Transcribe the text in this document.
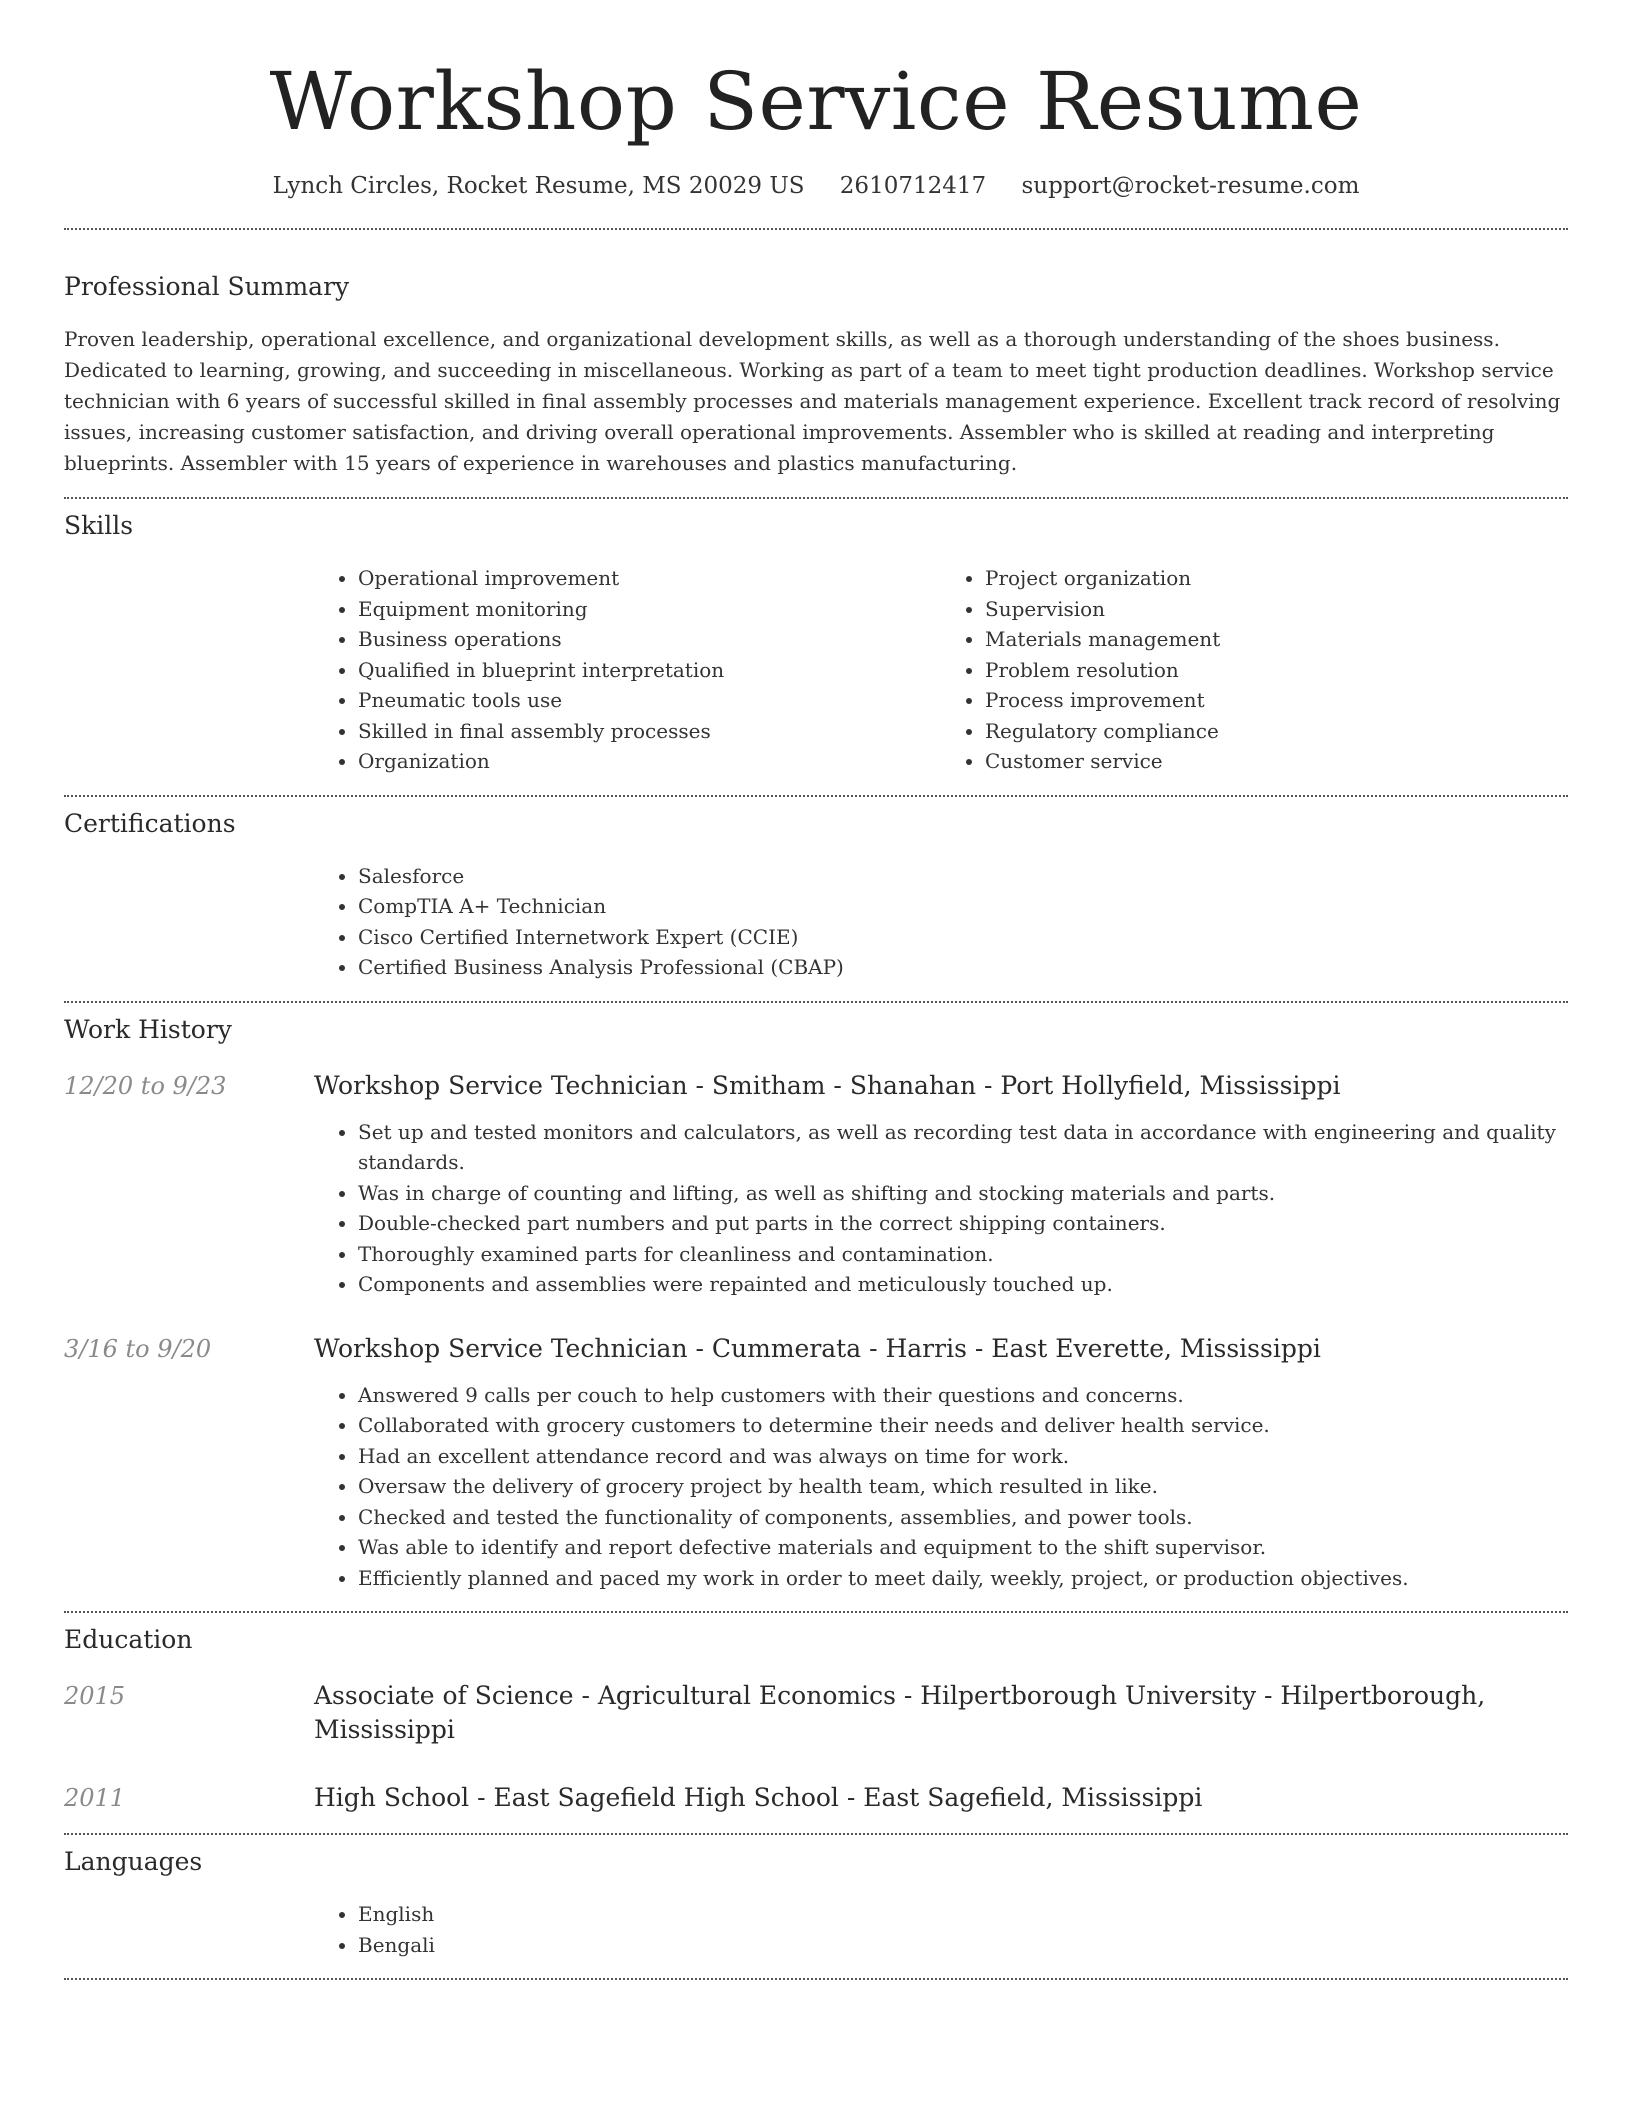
Workshop Service Resume
Lynch Circles, Rocket Resume, MS 20029 US 2610712417 support@rocket-resume.com
Professional Summary

Proven leadership, operational excellence, and organizational development skills, as well as a thorough understanding of the shoes business. Dedicated to learning, growing, and succeeding in miscellaneous. Working as part of a team to meet tight production deadlines. Workshop service technician with 6 years of successful skilled in final assembly processes and materials management experience. Excellent track record of resolving issues, increasing customer satisfaction, and driving overall operational improvements. Assembler who is skilled at reading and interpreting blueprints. Assembler with 15 years of experience in warehouses and plastics manufacturing.

Skills
• Operational improvement
• Equipment monitoring
• Business operations
• Qualified in blueprint interpretation
• Pneumatic tools use
• Skilled in final assembly processes
• Organization
• Project organization
• Supervision
• Materials management
• Problem resolution
• Process improvement
• Regulatory compliance
• Customer service
Certifications
• Salesforce
• CompTIA A+ Technician
• Cisco Certified Internetwork Expert (CCIE)
• Certified Business Analysis Professional (CBAP)
Work History
12/20 to 9/23	Workshop Service Technician - Smitham - Shanahan - Port Hollyfield, Mississippi
• Set up and tested monitors and calculators, as well as recording test data in accordance with engineering and quality standards.
• Was in charge of counting and lifting, as well as shifting and stocking materials and parts.
• Double-checked part numbers and put parts in the correct shipping containers.
• Thoroughly examined parts for cleanliness and contamination.
• Components and assemblies were repainted and meticulously touched up.
3/16 to 9/20	Workshop Service Technician - Cummerata - Harris - East Everette, Mississippi
• Answered 9 calls per couch to help customers with their questions and concerns.
• Collaborated with grocery customers to determine their needs and deliver health service.
• Had an excellent attendance record and was always on time for work.
• Oversaw the delivery of grocery project by health team, which resulted in like.
• Checked and tested the functionality of components, assemblies, and power tools.
• Was able to identify and report defective materials and equipment to the shift supervisor.
• Efficiently planned and paced my work in order to meet daily, weekly, project, or production objectives.
Education
2015	Associate of Science - Agricultural Economics - Hilpertborough University - Hilpertborough, Mississippi
2011	High School - East Sagefield High School - East Sagefield, Mississippi
Languages
• English
• Bengali
